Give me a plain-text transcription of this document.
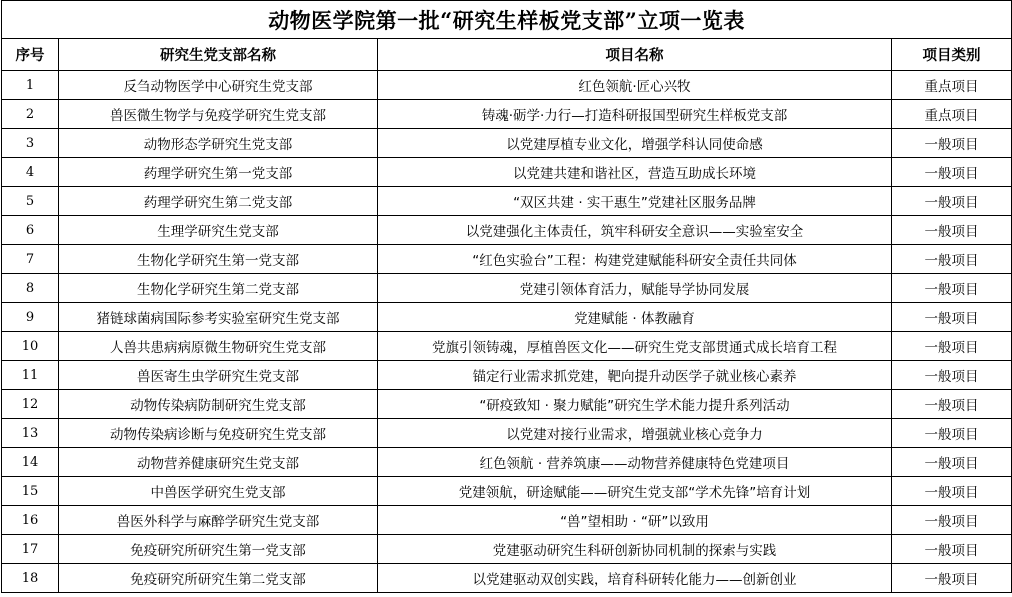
动物医学院第一批“研究生样板党支部”立项一览表			
序号	研究生党支部名称	项目名称	项目类别
1	反刍动物医学中心研究生党支部	红色领航·匠心兴牧	重点项目
2	兽医微生物学与免疫学研究生党支部	铸魂·砺学·力行—打造科研报国型研究生样板党支部	重点项目
3	动物形态学研究生党支部	以党建厚植专业文化，增强学科认同使命感	一般项目
4	药理学研究生第一党支部	以党建共建和谐社区，营造互助成长环境	一般项目
5	药理学研究生第二党支部	“双区共建 · 实干惠生”党建社区服务品牌	一般项目
6	生理学研究生党支部	以党建强化主体责任，筑牢科研安全意识——实验室安全	一般项目
7	生物化学研究生第一党支部	“红色实验台”工程：构建党建赋能科研安全责任共同体	一般项目
8	生物化学研究生第二党支部	党建引领体育活力，赋能导学协同发展	一般项目
9	猪链球菌病国际参考实验室研究生党支部	党建赋能 · 体教融育	一般项目
10	人兽共患病病原微生物研究生党支部	党旗引领铸魂，厚植兽医文化——研究生党支部贯通式成长培育工程	一般项目
11	兽医寄生虫学研究生党支部	锚定行业需求抓党建，靶向提升动医学子就业核心素养	一般项目
12	动物传染病防制研究生党支部	“研疫致知 · 聚力赋能”研究生学术能力提升系列活动	一般项目
13	动物传染病诊断与免疫研究生党支部	以党建对接行业需求，增强就业核心竞争力	一般项目
14	动物营养健康研究生党支部	红色领航 · 营养筑康——动物营养健康特色党建项目	一般项目
15	中兽医学研究生党支部	党建领航，研途赋能——研究生党支部“学术先锋”培育计划	一般项目
16	兽医外科学与麻醉学研究生党支部	“兽”望相助 · “研”以致用	一般项目
17	免疫研究所研究生第一党支部	党建驱动研究生科研创新协同机制的探索与实践	一般项目
18	免疫研究所研究生第二党支部	以党建驱动双创实践，培育科研转化能力——创新创业	一般项目
